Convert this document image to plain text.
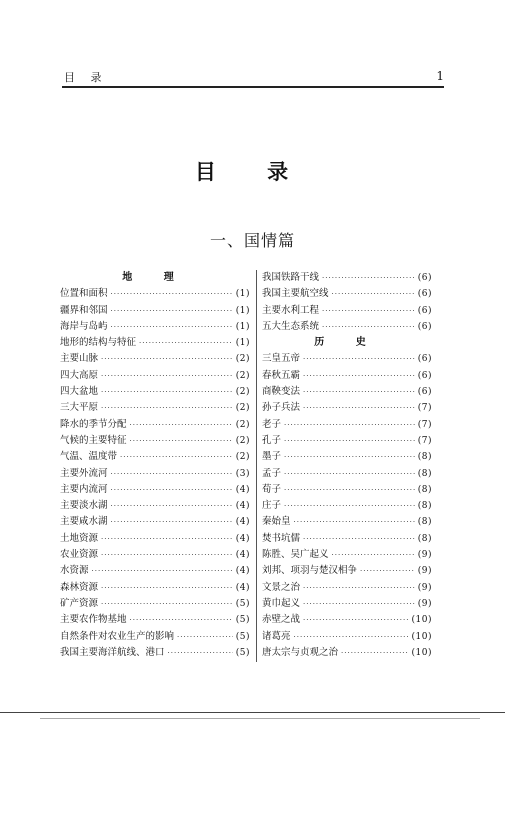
目 录	1
目 录
一、国情篇
地 理
位置和面积 ·····	(1)
疆界和邻国 ·····	(1)
海岸与岛屿 ·····	(1)
地形的结构与特征 ·····	(1)
主要山脉 ·····	(2)
四大高原 ·····	(2)
四大盆地 ·····	(2)
三大平原 ·····	(2)
降水的季节分配 ·····	(2)
气候的主要特征 ·····	(2)
气温、温度带 ·····	(2)
主要外流河 ·····	(3)
主要内流河 ·····	(4)
主要淡水湖 ·····	(4)
主要咸水湖 ·····	(4)
土地资源 ·····	(4)
农业资源 ·····	(4)
水资源 ·····	(4)
森林资源 ·····	(4)
矿产资源 ·····	(5)
主要农作物基地 ·····	(5)
自然条件对农业生产的影响 ·····	(5)
我国主要海洋航线、港口 ·····	(5)
我国铁路干线 ·····	(6)
我国主要航空线 ·····	(6)
主要水利工程 ·····	(6)
五大生态系统 ·····	(6)
历 史
三皇五帝 ·····	(6)
春秋五霸 ·····	(6)
商鞅变法 ·····	(6)
孙子兵法 ·····	(7)
老子 ·····	(7)
孔子 ·····	(7)
墨子 ·····	(8)
孟子 ·····	(8)
荀子 ·····	(8)
庄子 ·····	(8)
秦始皇 ·····	(8)
焚书坑儒 ·····	(8)
陈胜、吴广起义 ·····	(9)
刘邦、项羽与楚汉相争 ·····	(9)
文景之治 ·····	(9)
黄巾起义 ·····	(9)
赤壁之战 ·····	(10)
诸葛亮 ·····	(10)
唐太宗与贞观之治 ·····	(10)
